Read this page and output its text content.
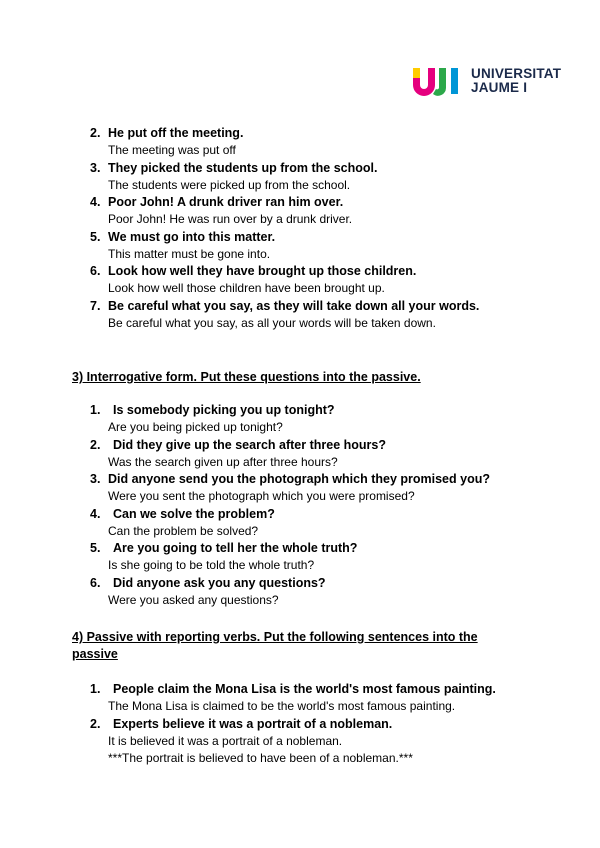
UNIVERSITAT
JAUME I
2. He put off the meeting.
The meeting was put off
3. They picked the students up from the school.
The students were picked up from the school.
4. Poor John! A drunk driver ran him over.
Poor John! He was run over by a drunk driver.
5. We must go into this matter.
This matter must be gone into.
6. Look how well they have brought up those children.
Look how well those children have been brought up.
7. Be careful what you say, as they will take down all your words.
Be careful what you say, as all your words will be taken down.
3) Interrogative form. Put these questions into the passive.
1. Is somebody picking you up tonight?
Are you being picked up tonight?
2. Did they give up the search after three hours?
Was the search given up after three hours?
3. Did anyone send you the photograph which they promised you?
Were you sent the photograph which you were promised?
4. Can we solve the problem?
Can the problem be solved?
5. Are you going to tell her the whole truth?
Is she going to be told the whole truth?
6. Did anyone ask you any questions?
Were you asked any questions?
4) Passive with reporting verbs. Put the following sentences into the
passive
1. People claim the Mona Lisa is the world's most famous painting.
The Mona Lisa is claimed to be the world's most famous painting.
2. Experts believe it was a portrait of a nobleman.
It is believed it was a portrait of a nobleman.
***The portrait is believed to have been of a nobleman.***
